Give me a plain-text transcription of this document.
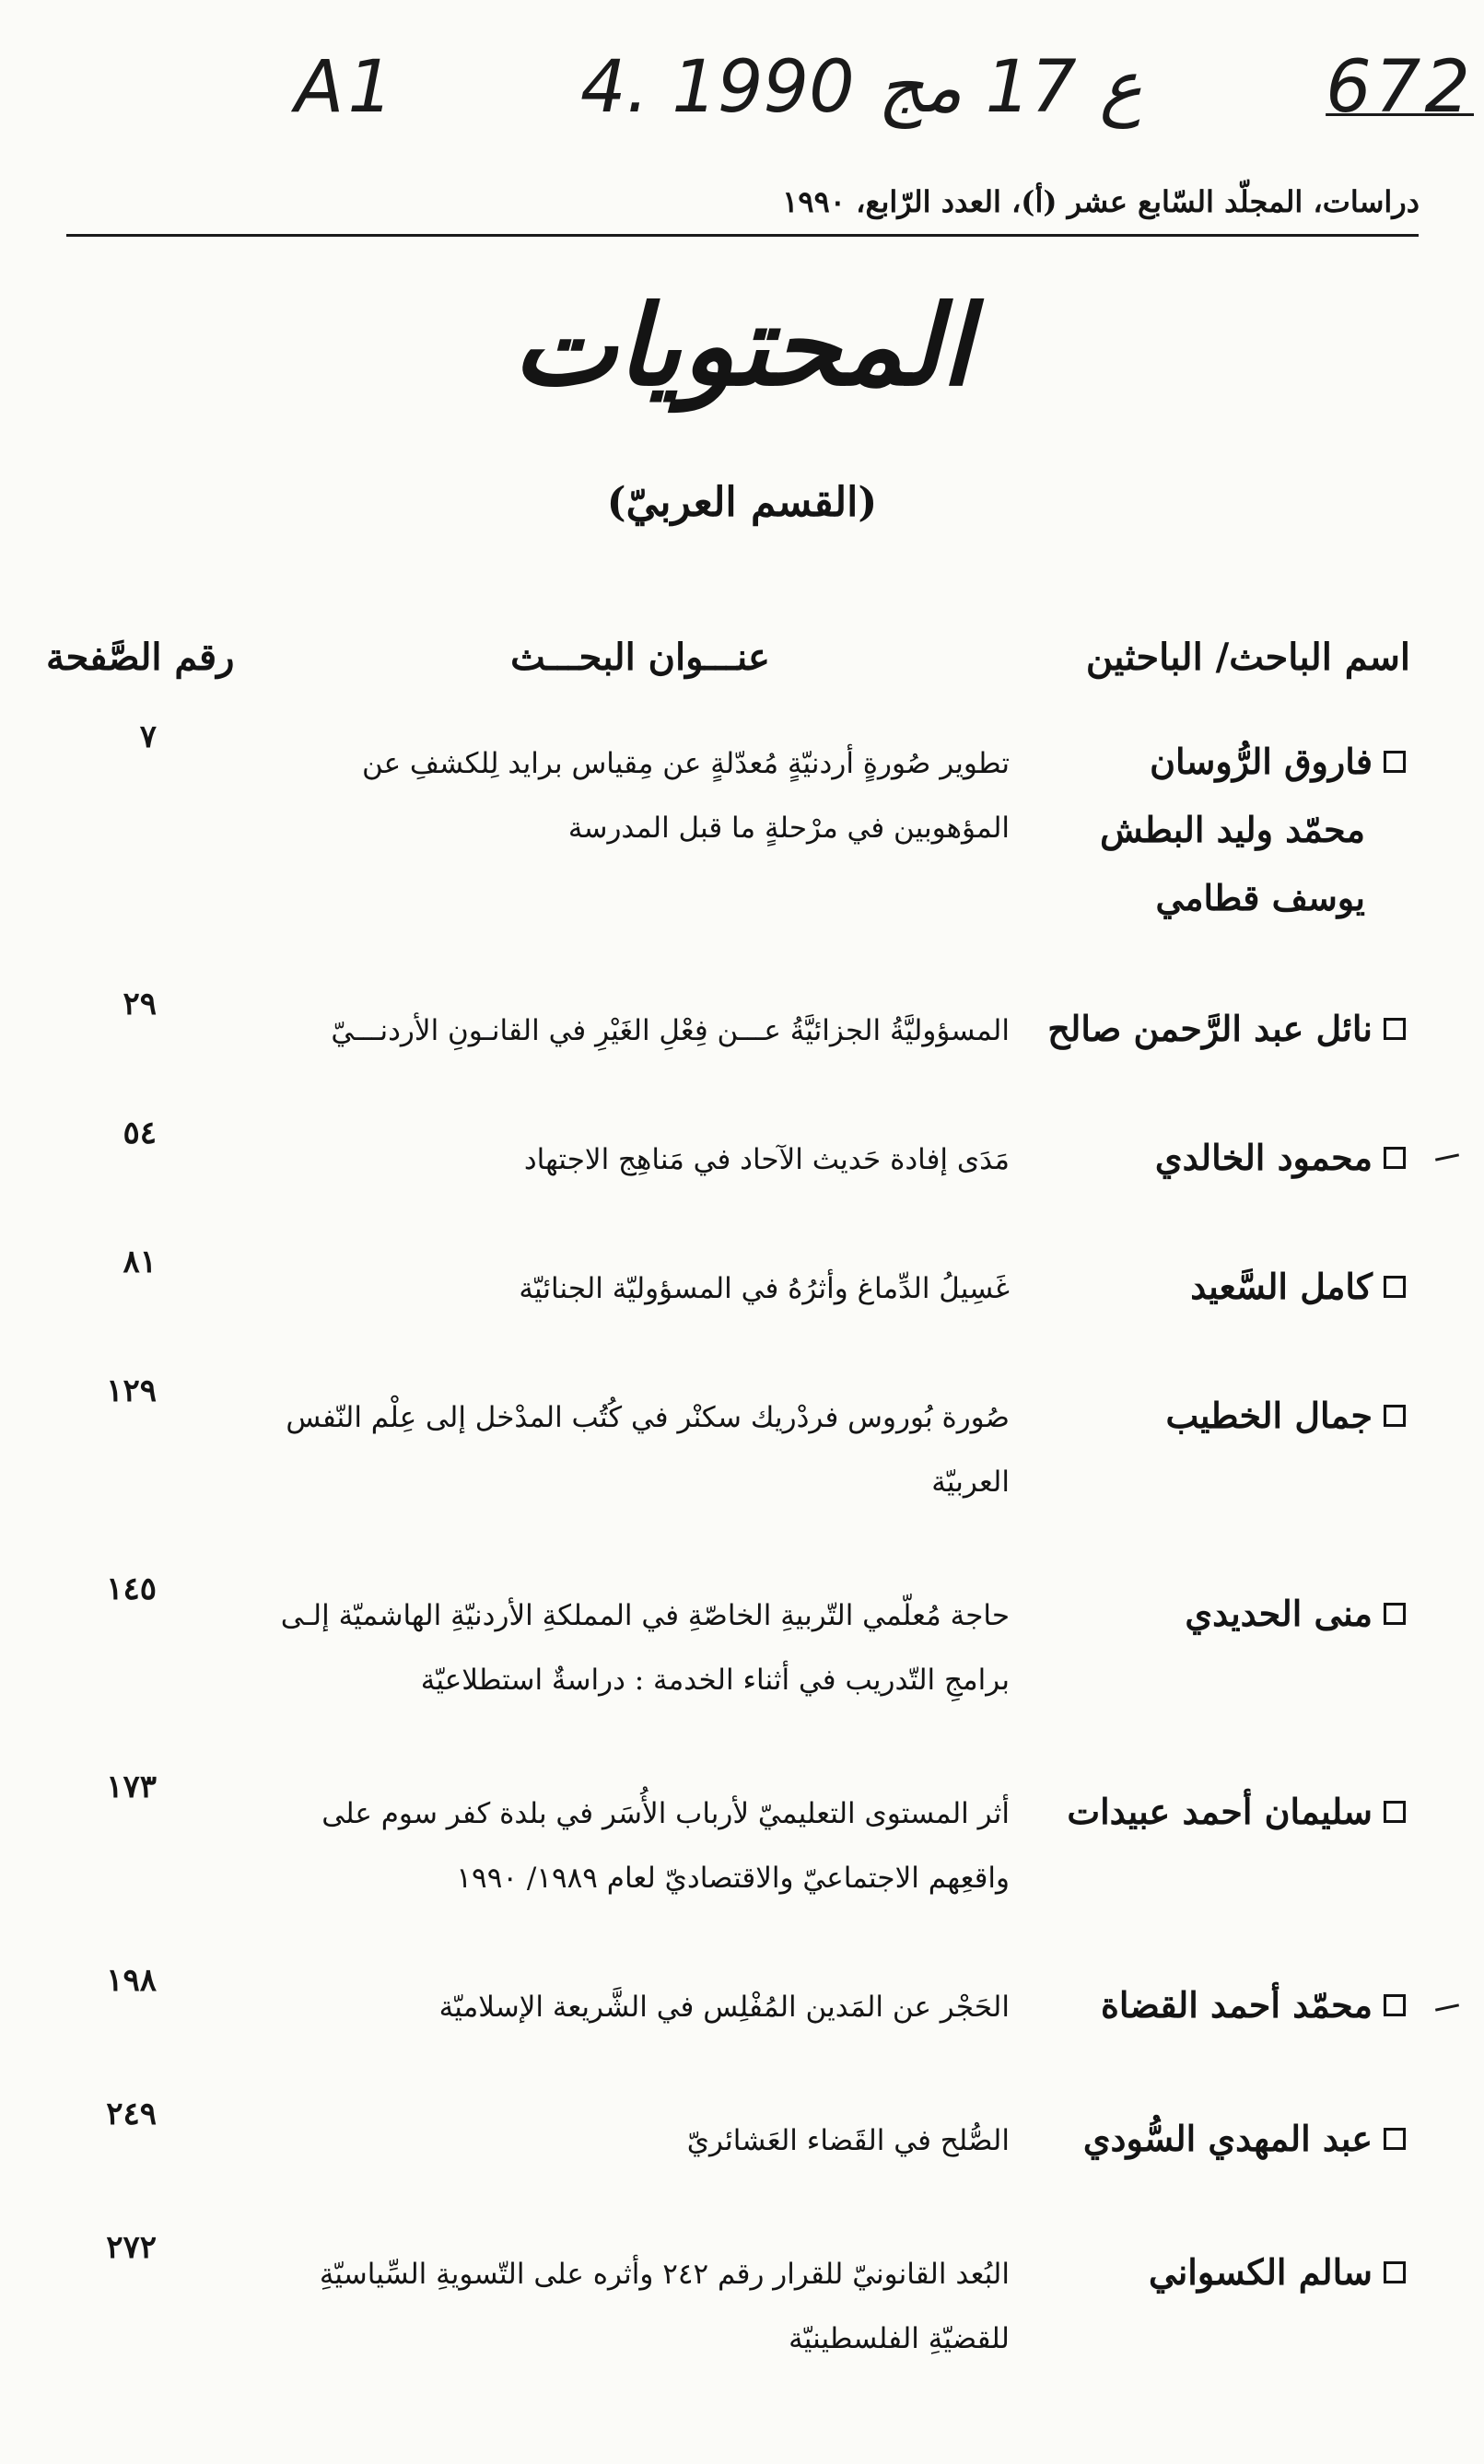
A1	4. ع 17 مج 1990	672
دراسات، المجلّد السّابع عشر (أ)، العدد الرّابع، ١٩٩٠
المحتويات
(القسم العربيّ)
اسم الباحث/ الباحثين
عنـــوان البحـــث
رقم الصَّفحة
فاروق الرُّوسان
محمّد وليد البطش
يوسف قطامي
تطوير صُورةٍ أردنيّةٍ مُعدّلةٍ عن مِقياس برايد لِلكشفِ عن المؤهوبين في مرْحلةٍ ما قبل المدرسة
٧
نائل عبد الرَّحمن صالح
المسؤوليَّةُ الجزائيَّةُ عـــن فِعْلِ الغَيْرِ في القانـونِ الأردنـــيّ
٢٩
محمود الخالدي
مَدَى إفادة حَديث الآحاد في مَناهِج الاجتهاد
٥٤
كامل السَّعيد
غَسِيلُ الدِّماغ وأثرُهُ في المسؤوليّة الجنائيّة
٨١
جمال الخطيب
صُورة بُوروس فردْريك سكنْر في كُتُب المدْخل إلى عِلْم النّفس العربيّة
١٢٩
منى الحديدي
حاجة مُعلّمي التّربيةِ الخاصّةِ في المملكةِ الأردنيّةِ الهاشميّة إلـى برامجِ التّدريب في أثناء الخدمة : دراسةٌ استطلاعيّة
١٤٥
سليمان أحمد عبيدات
أثر المستوى التعليميّ لأرباب الأُسَر في بلدة كفر سوم على واقعِهم الاجتماعيّ والاقتصاديّ لعام ١٩٨٩/ ١٩٩٠
١٧٣
محمّد أحمد القضاة
الحَجْر عن المَدين المُفْلِس في الشَّريعة الإسلاميّة
١٩٨
عبد المهدي السُّودي
الصُّلح في القَضاء العَشائريّ
٢٤٩
سالم الكسواني
البُعد القانونيّ للقرار رقم ٢٤٢ وأثره على التّسويةِ السِّياسيّةِ للقضيّةِ الفلسطينيّة
٢٧٢
